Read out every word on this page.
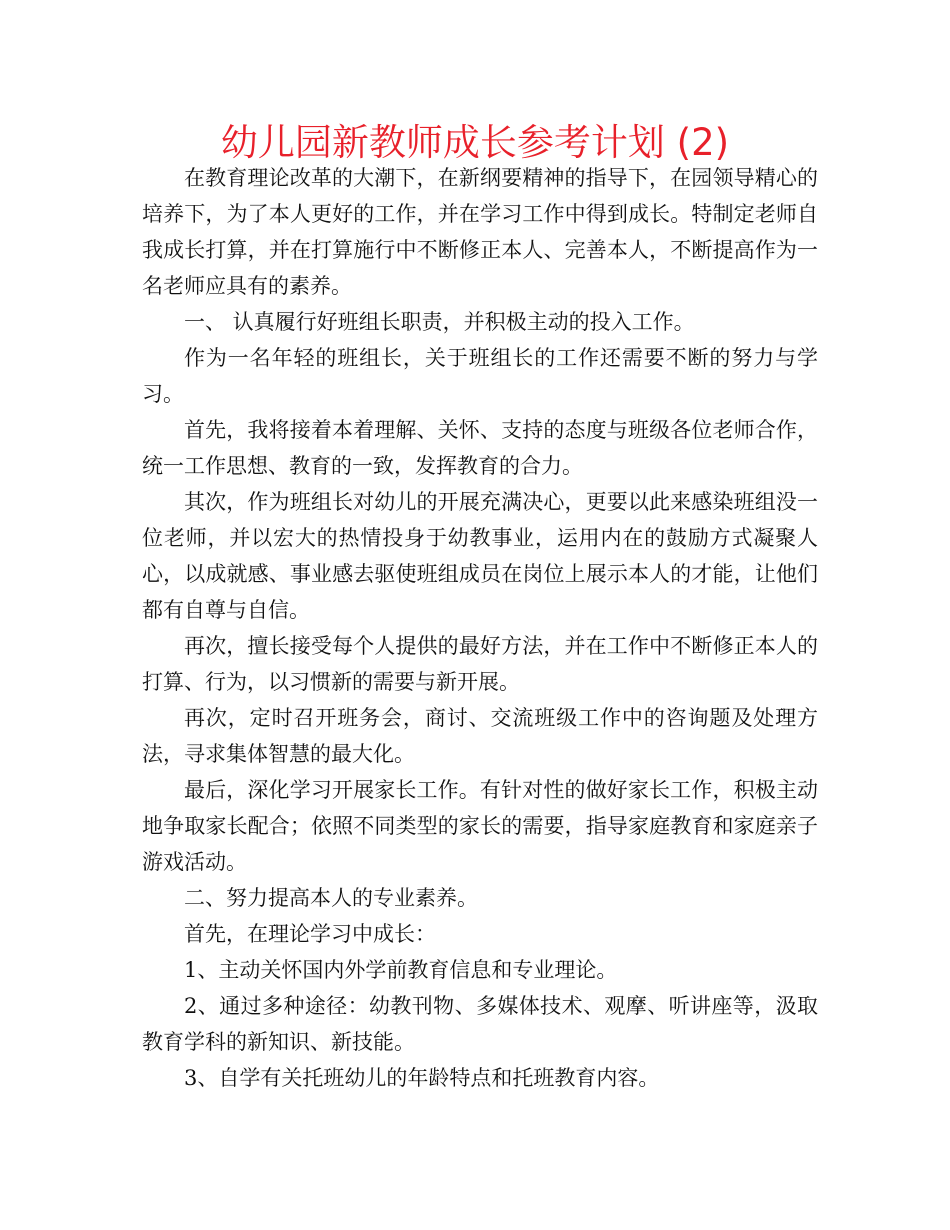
幼儿园新教师成长参考计划 (2)

在教育理论改革的大潮下，在新纲要精神的指导下，在园领导精心的培养下，为了本人更好的工作，并在学习工作中得到成长。特制定老师自我成长打算，并在打算施行中不断修正本人、完善本人，不断提高作为一名老师应具有的素养。

一、 认真履行好班组长职责，并积极主动的投入工作。

作为一名年轻的班组长，关于班组长的工作还需要不断的努力与学习。

首先，我将接着本着理解、关怀、支持的态度与班级各位老师合作，统一工作思想、教育的一致，发挥教育的合力。

其次，作为班组长对幼儿的开展充满决心，更要以此来感染班组没一位老师，并以宏大的热情投身于幼教事业，运用内在的鼓励方式凝聚人心，以成就感、事业感去驱使班组成员在岗位上展示本人的才能，让他们都有自尊与自信。

再次，擅长接受每个人提供的最好方法，并在工作中不断修正本人的打算、行为，以习惯新的需要与新开展。

再次，定时召开班务会，商讨、交流班级工作中的咨询题及处理方法，寻求集体智慧的最大化。

最后，深化学习开展家长工作。有针对性的做好家长工作，积极主动地争取家长配合；依照不同类型的家长的需要，指导家庭教育和家庭亲子游戏活动。

二、努力提高本人的专业素养。

首先，在理论学习中成长：

1、主动关怀国内外学前教育信息和专业理论。

2、通过多种途径：幼教刊物、多媒体技术、观摩、听讲座等，汲取教育学科的新知识、新技能。

3、自学有关托班幼儿的年龄特点和托班教育内容。
